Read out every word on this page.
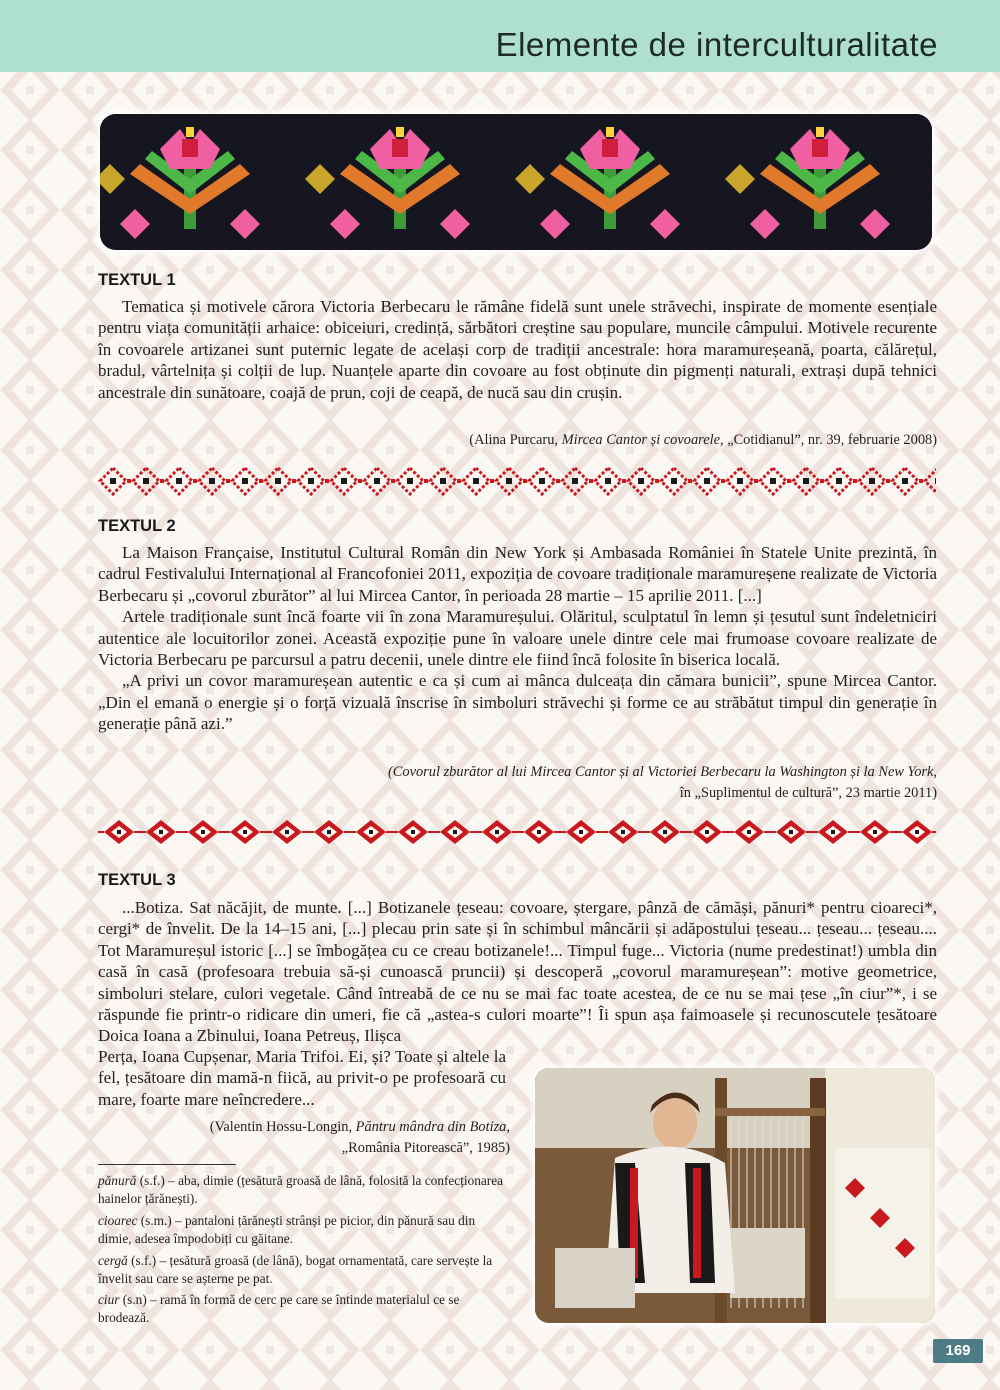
Elemente de interculturalitate
TEXTUL 1

Tematica și motivele cărora Victoria Berbecaru le rămâne fidelă sunt unele străvechi, inspirate de momente esențiale pentru viața comunității arhaice: obiceiuri, credință, sărbători creștine sau populare, muncile câmpului. Motivele recurente în covoarele artizanei sunt puternic legate de același corp de tradiții ancestrale: hora maramureșeană, poarta, călărețul, bradul, vârtelnița și colții de lup. Nuanțele aparte din covoare au fost obținute din pigmenți naturali, extrași după tehnici ancestrale din sunătoare, coajă de prun, coji de ceapă, de nucă sau din crușin.

(Alina Purcaru, Mircea Cantor și covoarele, „Cotidianul”, nr. 39, februarie 2008)
TEXTUL 2

La Maison Française, Institutul Cultural Român din New York și Ambasada României în Statele Unite prezintă, în cadrul Festivalului Internațional al Francofoniei 2011, expoziția de covoare tradiționale maramureșene realizate de Victoria Berbecaru și „covorul zburător” al lui Mircea Cantor, în perioada 28 martie – 15 aprilie 2011. [...]

Artele tradiționale sunt încă foarte vii în zona Maramureșului. Olăritul, sculptatul în lemn și țesutul sunt îndeletniciri autentice ale locuitorilor zonei. Această expoziție pune în valoare unele dintre cele mai frumoase covoare realizate de Victoria Berbecaru pe parcursul a patru decenii, unele dintre ele fiind încă folosite în biserica locală.

„A privi un covor maramureșean autentic e ca și cum ai mânca dulceața din cămara bunicii”, spune Mircea Cantor. „Din el emană o energie și o forță vizuală înscrise în simboluri străvechi și forme ce au străbătut timpul din generație în generație până azi.”

(Covorul zburător al lui Mircea Cantor și al Victoriei Berbecaru la Washington și la New York,
în „Suplimentul de cultură”, 23 martie 2011)
TEXTUL 3

...Botiza. Sat năcăjit, de munte. [...] Botizanele țeseau: covoare, ștergare, pânză de cămăși, pănuri* pentru cioareci*, cergi* de învelit. De la 14–15 ani, [...] plecau prin sate și în schimbul mâncării și adăpostului țeseau... țeseau... țeseau.... Tot Maramureșul istoric [...] se îmbogățea cu ce creau botizanele!... Timpul fuge... Victoria (nume predestinat!) umbla din casă în casă (profesoara trebuia să-și cunoască pruncii) și descoperă „covorul maramureșean”: motive geometrice, simboluri stelare, culori vegetale. Când întreabă de ce nu se mai fac toate acestea, de ce nu se mai țese „în ciur”*, i se răspunde fie printr-o ridicare din umeri, fie că „astea-s culori moarte”! Îi spun așa faimoasele și recunoscutele țesătoare Doica Ioana a Zbinului, Ioana Petreuș, Ilișca

Perța, Ioana Cupșenar, Maria Trifoi. Ei, și? Toate și altele la fel, țesătoare din mamă-n fiică, au privit-o pe profesoară cu mare, foarte mare neîncredere...

(Valentin Hossu-Longin, Păntru mândra din Botiza,
„România Pitorească”, 1985)
pănură (s.f.) – aba, dimie (țesătură groasă de lână, folosită la confecționarea hainelor țărănești).
cioarec (s.m.) – pantaloni țărănești strânși pe picior, din pănură sau din dimie, adesea împodobiți cu găitane.
cergă (s.f.) – țesătură groasă (de lână), bogat ornamentată, care servește la învelit sau care se așterne pe pat.
ciur (s.n) – ramă în formă de cerc pe care se întinde materialul ce se brodează.
169
